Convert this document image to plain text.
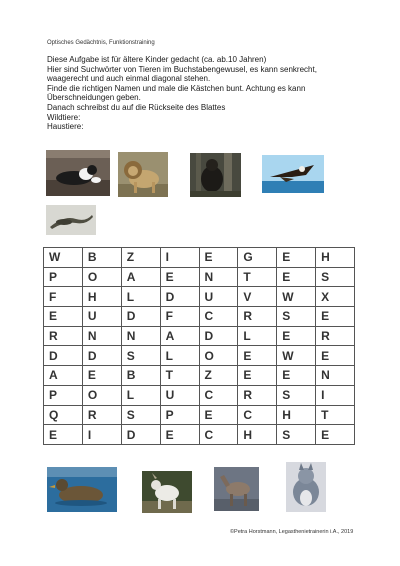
Optisches Gedächtnis, Funktionstraining

Diese Aufgabe ist für ältere Kinder gedacht (ca. ab.10 Jahren)

Hier sind Suchwörter von Tieren im Buchstabengewusel, es kann senkrecht,

waagerecht und auch einmal diagonal stehen.

Finde die richtigen Namen und male die Kästchen bunt. Achtung es kann

Überschneidungen geben.

Danach schreibst du auf die Rückseite des Blattes

Wildtiere:

Haustiere:

W	B	Z	I	E	G	E	H
P	O	A	E	N	T	E	S
F	H	L	D	U	V	W	X
E	U	D	F	C	R	S	E
R	N	N	A	D	L	E	R
D	D	S	L	O	E	W	E
A	E	B	T	Z	E	E	N
P	O	L	U	C	R	S	I
Q	R	S	P	E	C	H	T
E	I	D	E	C	H	S	E
©Petra Horstmann, Legasthenietrainerin i.A., 2019
